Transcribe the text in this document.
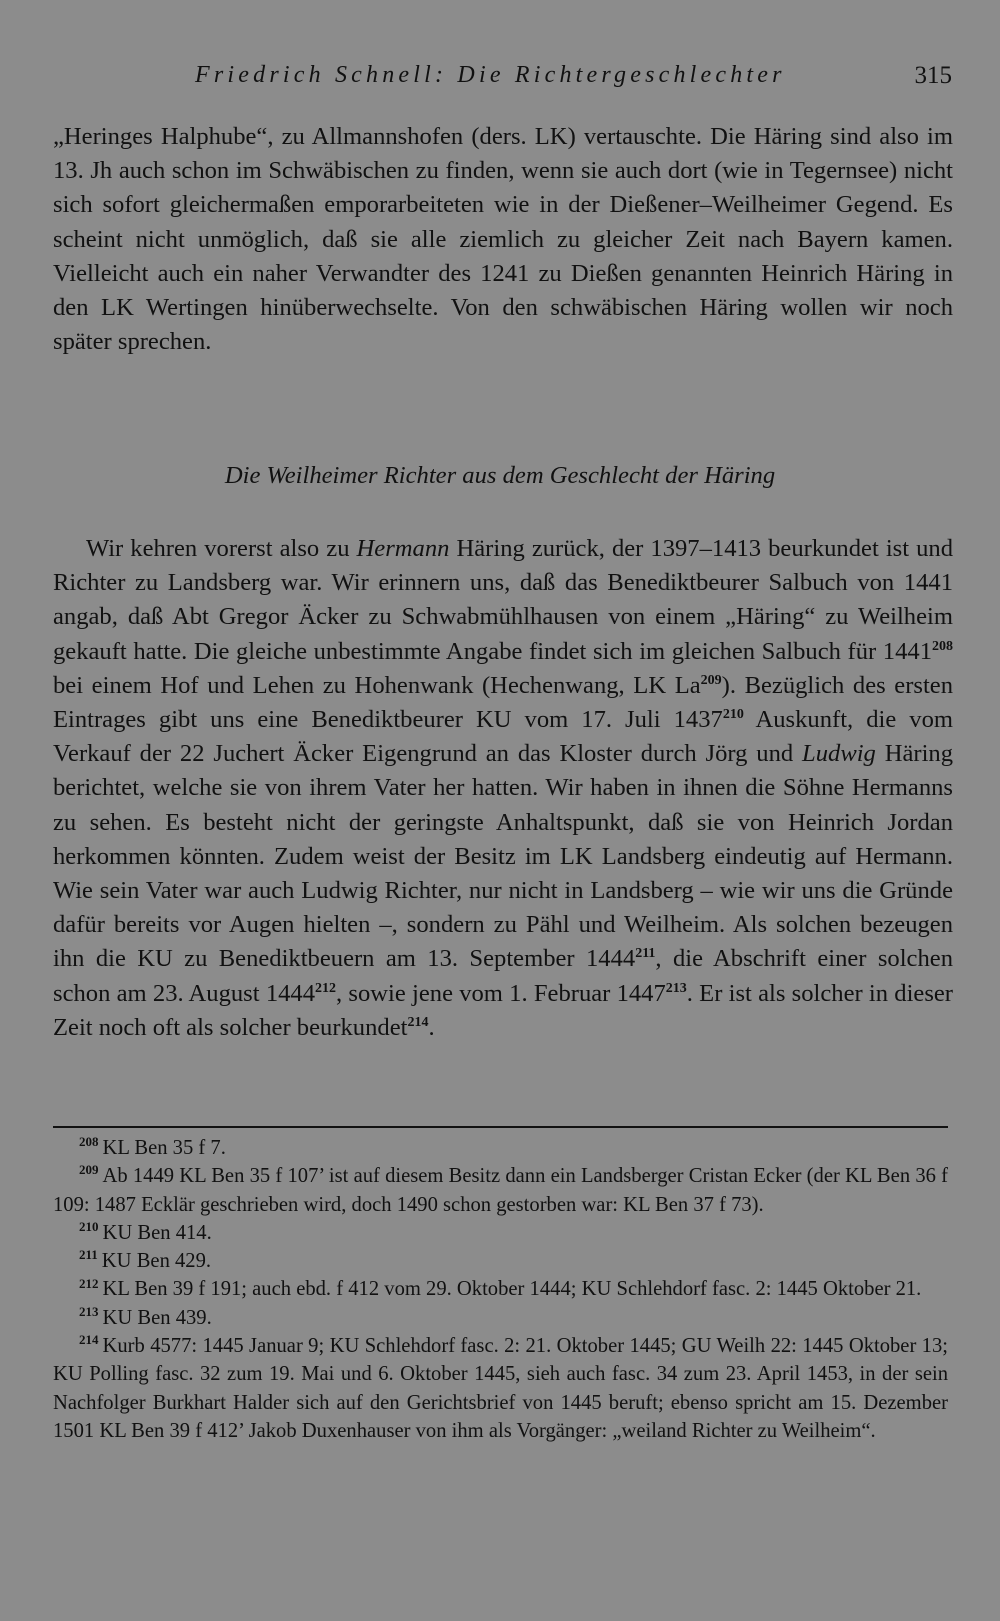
Friedrich Schnell: Die Richtergeschlechter	315

„Heringes Halphube“, zu Allmannshofen (ders. LK) vertauschte. Die Häring sind also im 13. Jh auch schon im Schwäbischen zu finden, wenn sie auch dort (wie in Tegernsee) nicht sich sofort gleichermaßen emporarbeiteten wie in der Dießener–Weilheimer Gegend. Es scheint nicht unmöglich, daß sie alle ziemlich zu gleicher Zeit nach Bayern kamen. Vielleicht auch ein naher Verwandter des 1241 zu Dießen genannten Heinrich Häring in den LK Wertingen hinüberwechselte. Von den schwäbischen Häring wollen wir noch später sprechen.

Die Weilheimer Richter aus dem Geschlecht der Häring

Wir kehren vorerst also zu Hermann Häring zurück, der 1397–1413 beurkundet ist und Richter zu Landsberg war. Wir erinnern uns, daß das Benediktbeurer Salbuch von 1441 angab, daß Abt Gregor Äcker zu Schwabmühlhausen von einem „Häring“ zu Weilheim gekauft hatte. Die gleiche unbestimmte Angabe findet sich im gleichen Salbuch für 1441$^{208}$ bei einem Hof und Lehen zu Hohenwank (Hechenwang, LK La$^{209}$). Bezüglich des ersten Eintrages gibt uns eine Benediktbeurer KU vom 17. Juli 1437$^{210}$ Auskunft, die vom Verkauf der 22 Juchert Äcker Eigengrund an das Kloster durch Jörg und Ludwig Häring berichtet, welche sie von ihrem Vater her hatten. Wir haben in ihnen die Söhne Hermanns zu sehen. Es besteht nicht der geringste Anhaltspunkt, daß sie von Heinrich Jordan herkommen könnten. Zudem weist der Besitz im LK Landsberg eindeutig auf Hermann. Wie sein Vater war auch Ludwig Richter, nur nicht in Landsberg – wie wir uns die Gründe dafür bereits vor Augen hielten –, sondern zu Pähl und Weilheim. Als solchen bezeugen ihn die KU zu Benediktbeuern am 13. September 1444$^{211}$, die Abschrift einer solchen schon am 23. August 1444$^{212}$, sowie jene vom 1. Februar 1447$^{213}$. Er ist als solcher in dieser Zeit noch oft als solcher beurkundet$^{214}$.

$^{208}$ KL Ben 35 f 7.

$^{209}$ Ab 1449 KL Ben 35 f 107’ ist auf diesem Besitz dann ein Landsberger Cristan Ecker (der KL Ben 36 f 109: 1487 Ecklär geschrieben wird, doch 1490 schon gestorben war: KL Ben 37 f 73).

$^{210}$ KU Ben 414.

$^{211}$ KU Ben 429.

$^{212}$ KL Ben 39 f 191; auch ebd. f 412 vom 29. Oktober 1444; KU Schlehdorf fasc. 2: 1445 Oktober 21.

$^{213}$ KU Ben 439.

$^{214}$ Kurb 4577: 1445 Januar 9; KU Schlehdorf fasc. 2: 21. Oktober 1445; GU Weilh 22: 1445 Oktober 13; KU Polling fasc. 32 zum 19. Mai und 6. Oktober 1445, sieh auch fasc. 34 zum 23. April 1453, in der sein Nachfolger Burkhart Halder sich auf den Gerichtsbrief von 1445 beruft; ebenso spricht am 15. Dezember 1501 KL Ben 39 f 412’ Jakob Duxenhauser von ihm als Vorgänger: „weiland Richter zu Weilheim“.
